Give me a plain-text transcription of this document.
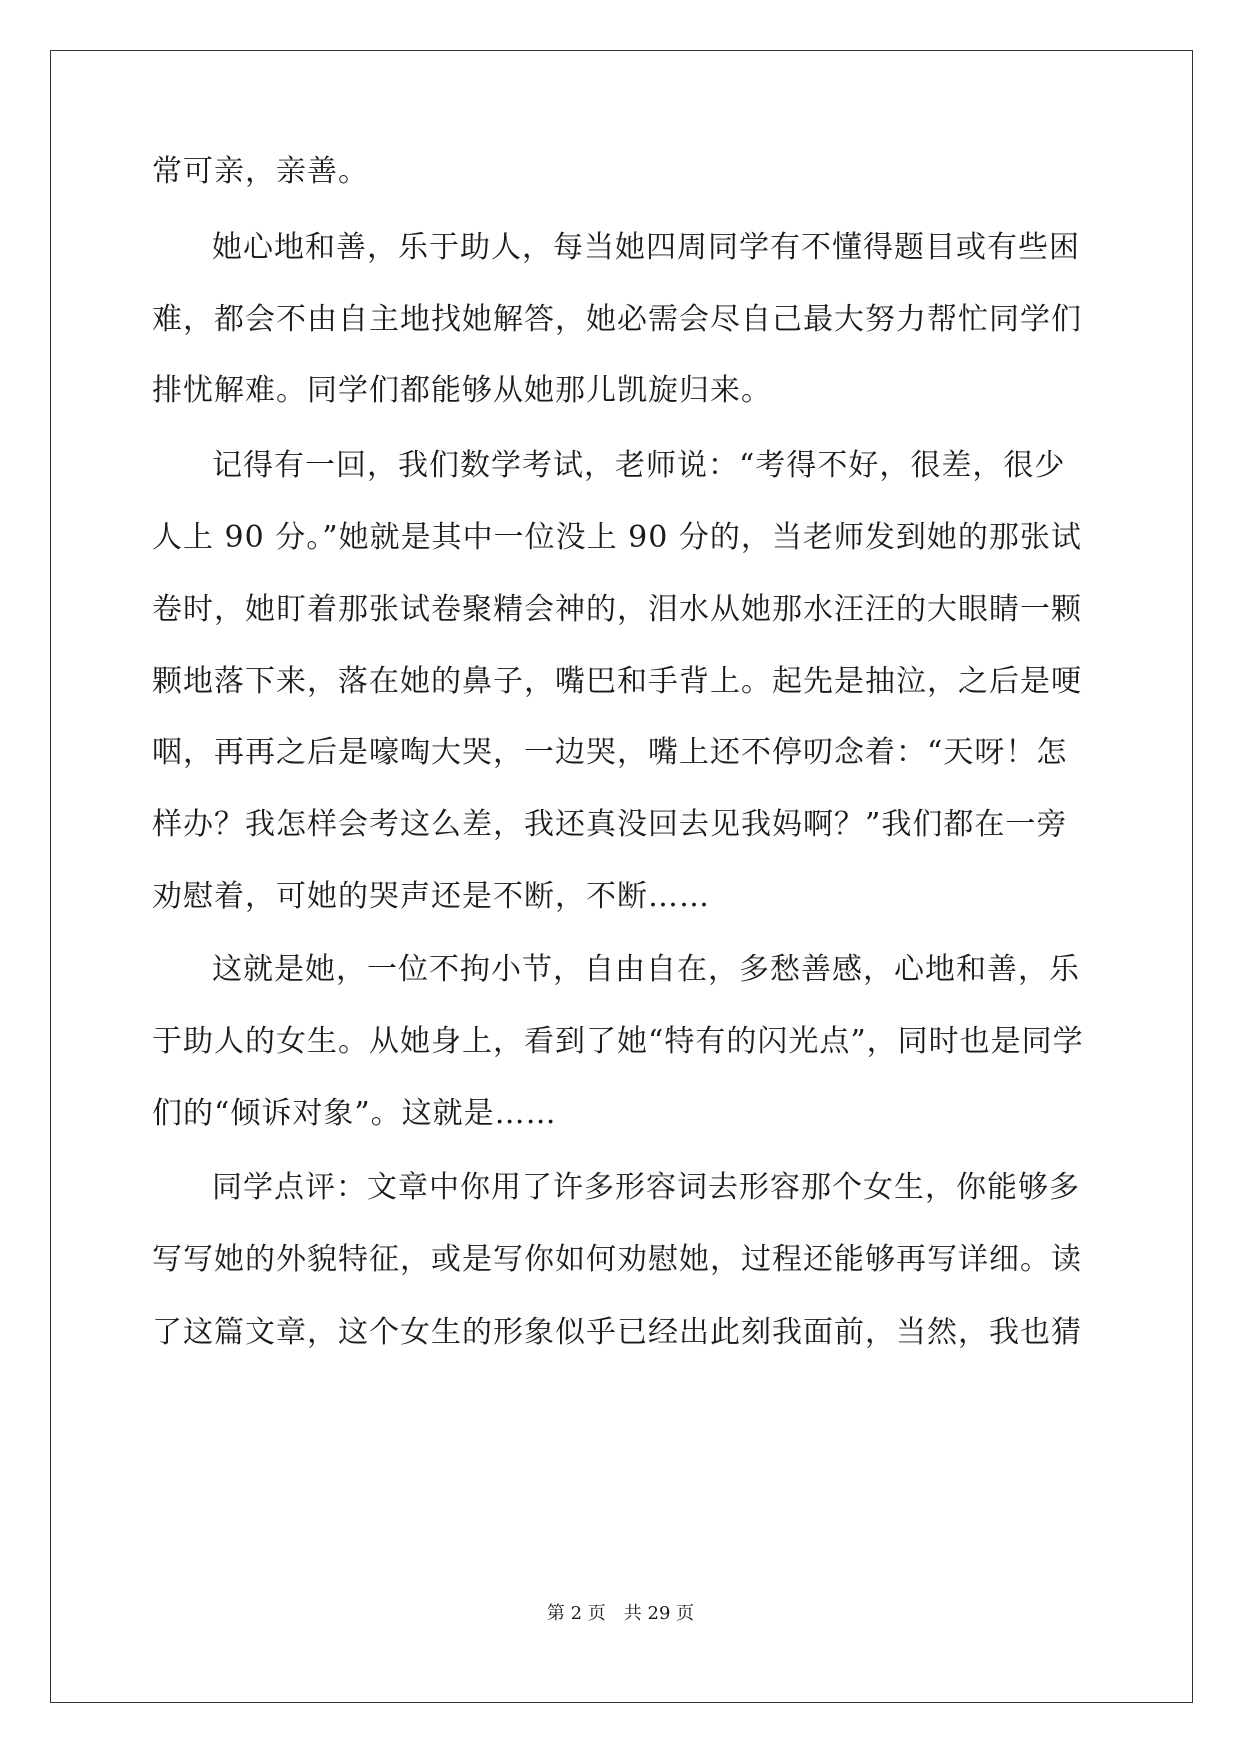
常可亲，亲善。
她心地和善，乐于助人，每当她四周同学有不懂得题目或有些困
难，都会不由自主地找她解答，她必需会尽自己最大努力帮忙同学们
排忧解难。同学们都能够从她那儿凯旋归来。
记得有一回，我们数学考试，老师说：“考得不好，很差，很少
人上 90 分。”她就是其中一位没上 90 分的，当老师发到她的那张试
卷时，她盯着那张试卷聚精会神的，泪水从她那水汪汪的大眼睛一颗
颗地落下来，落在她的鼻子，嘴巴和手背上。起先是抽泣，之后是哽
咽，再再之后是嚎啕大哭，一边哭，嘴上还不停叨念着：“天呀！怎
样办？我怎样会考这么差，我还真没回去见我妈啊？”我们都在一旁
劝慰着，可她的哭声还是不断，不断……
这就是她，一位不拘小节，自由自在，多愁善感，心地和善，乐
于助人的女生。从她身上，看到了她“特有的闪光点”，同时也是同学
们的“倾诉对象”。这就是……
同学点评：文章中你用了许多形容词去形容那个女生，你能够多
写写她的外貌特征，或是写你如何劝慰她，过程还能够再写详细。读
了这篇文章，这个女生的形象似乎已经出此刻我面前，当然，我也猜
第 2 页　共 29 页
